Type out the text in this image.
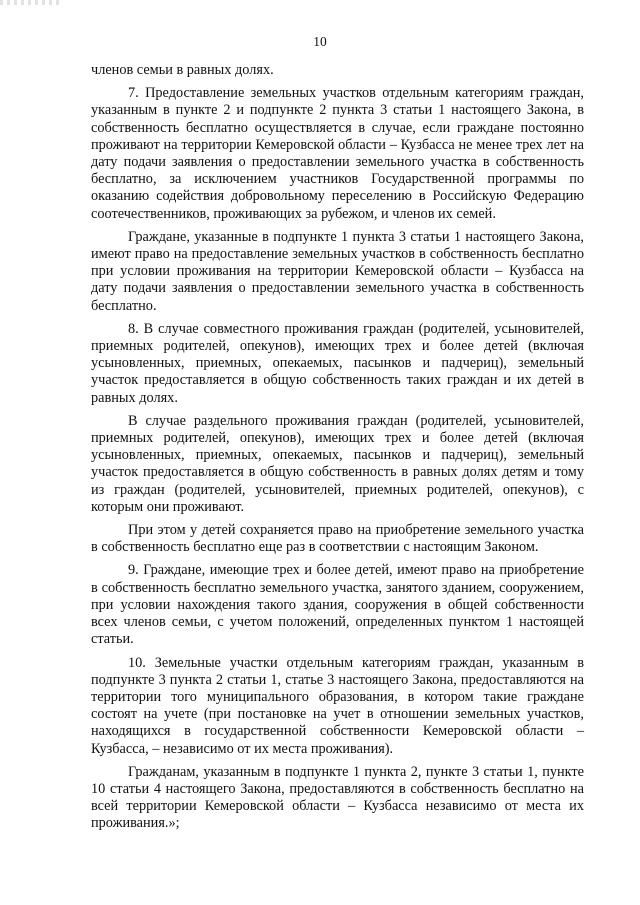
10

членов семьи в равных долях.

7. Предоставление земельных участков отдельным категориям граждан, указанным в пункте 2 и подпункте 2 пункта 3 статьи 1 настоящего Закона, в собственность бесплатно осуществляется в случае, если граждане постоянно проживают на территории Кемеровской области – Кузбасса не менее трех лет на дату подачи заявления о предоставлении земельного участка в собственность бесплатно, за исключением участников Государственной программы по оказанию содействия добровольному переселению в Российскую Федерацию соотечественников, проживающих за рубежом, и членов их семей.

Граждане, указанные в подпункте 1 пункта 3 статьи 1 настоящего Закона, имеют право на предоставление земельных участков в собственность бесплатно при условии проживания на территории Кемеровской области – Кузбасса на дату подачи заявления о предоставлении земельного участка в собственность бесплатно.

8. В случае совместного проживания граждан (родителей, усыновителей, приемных родителей, опекунов), имеющих трех и более детей (включая усыновленных, приемных, опекаемых, пасынков и падчериц), земельный участок предоставляется в общую собственность таких граждан и их детей в равных долях.

В случае раздельного проживания граждан (родителей, усыновителей, приемных родителей, опекунов), имеющих трех и более детей (включая усыновленных, приемных, опекаемых, пасынков и падчериц), земельный участок предоставляется в общую собственность в равных долях детям и тому из граждан (родителей, усыновителей, приемных родителей, опекунов), с которым они проживают.

При этом у детей сохраняется право на приобретение земельного участка в собственность бесплатно еще раз в соответствии с настоящим Законом.

9. Граждане, имеющие трех и более детей, имеют право на приобретение в собственность бесплатно земельного участка, занятого зданием, сооружением, при условии нахождения такого здания, сооружения в общей собственности всех членов семьи, с учетом положений, определенных пунктом 1 настоящей статьи.

10. Земельные участки отдельным категориям граждан, указанным в подпункте 3 пункта 2 статьи 1, статье 3 настоящего Закона, предоставляются на территории того муниципального образования, в котором такие граждане состоят на учете (при постановке на учет в отношении земельных участков, находящихся в государственной собственности Кемеровской области – Кузбасса, – независимо от их места проживания).

Гражданам, указанным в подпункте 1 пункта 2, пункте 3 статьи 1, пункте 10 статьи 4 настоящего Закона, предоставляются в собственность бесплатно на всей территории Кемеровской области – Кузбасса независимо от места их проживания.»;
